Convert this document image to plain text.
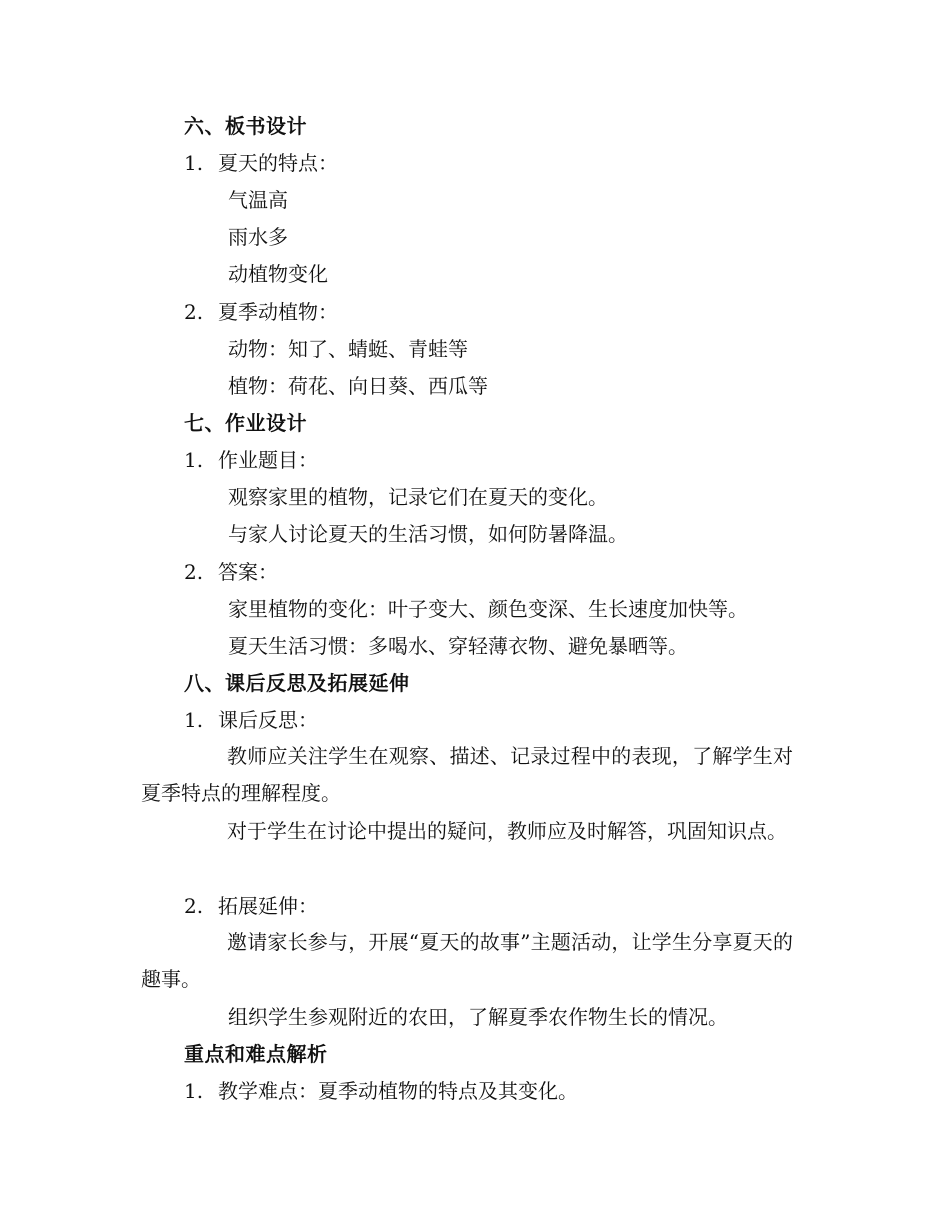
六、板书设计
1. 夏天的特点：
气温高
雨水多
动植物变化
2. 夏季动植物：
动物：知了、蜻蜓、青蛙等
植物：荷花、向日葵、西瓜等
七、作业设计
1. 作业题目：
观察家里的植物，记录它们在夏天的变化。
与家人讨论夏天的生活习惯，如何防暑降温。
2. 答案：
家里植物的变化：叶子变大、颜色变深、生长速度加快等。
夏天生活习惯：多喝水、穿轻薄衣物、避免暴晒等。
八、课后反思及拓展延伸
1. 课后反思：
教师应关注学生在观察、描述、记录过程中的表现，了解学生对夏季特点的理解程度。
对于学生在讨论中提出的疑问，教师应及时解答，巩固知识点。
2. 拓展延伸：
邀请家长参与，开展“夏天的故事”主题活动，让学生分享夏天的趣事。
组织学生参观附近的农田，了解夏季农作物生长的情况。
重点和难点解析
1. 教学难点：夏季动植物的特点及其变化。
